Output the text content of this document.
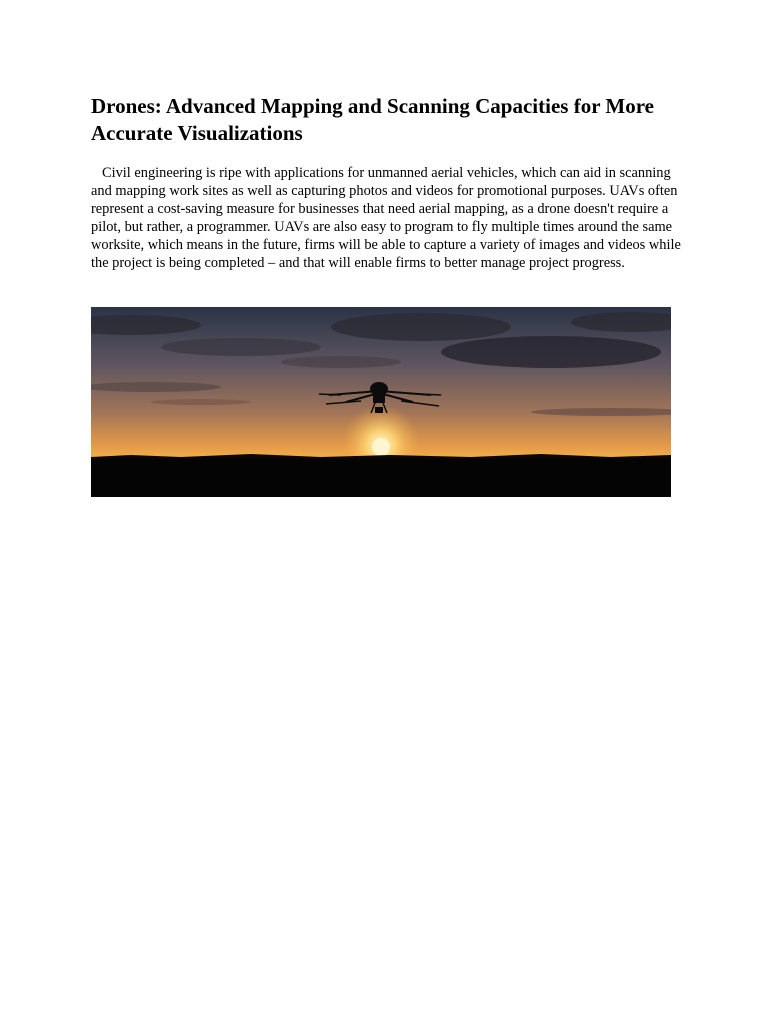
Drones: Advanced Mapping and Scanning Capacities for More Accurate Visualizations

Civil engineering is ripe with applications for unmanned aerial vehicles, which can aid in scanning and mapping work sites as well as capturing photos and videos for promotional purposes. UAVs often represent a cost-saving measure for businesses that need aerial mapping, as a drone doesn't require a pilot, but rather, a programmer. UAVs are also easy to program to fly multiple times around the same worksite, which means in the future, firms will be able to capture a variety of images and videos while the project is being completed – and that will enable firms to better manage project progress.
